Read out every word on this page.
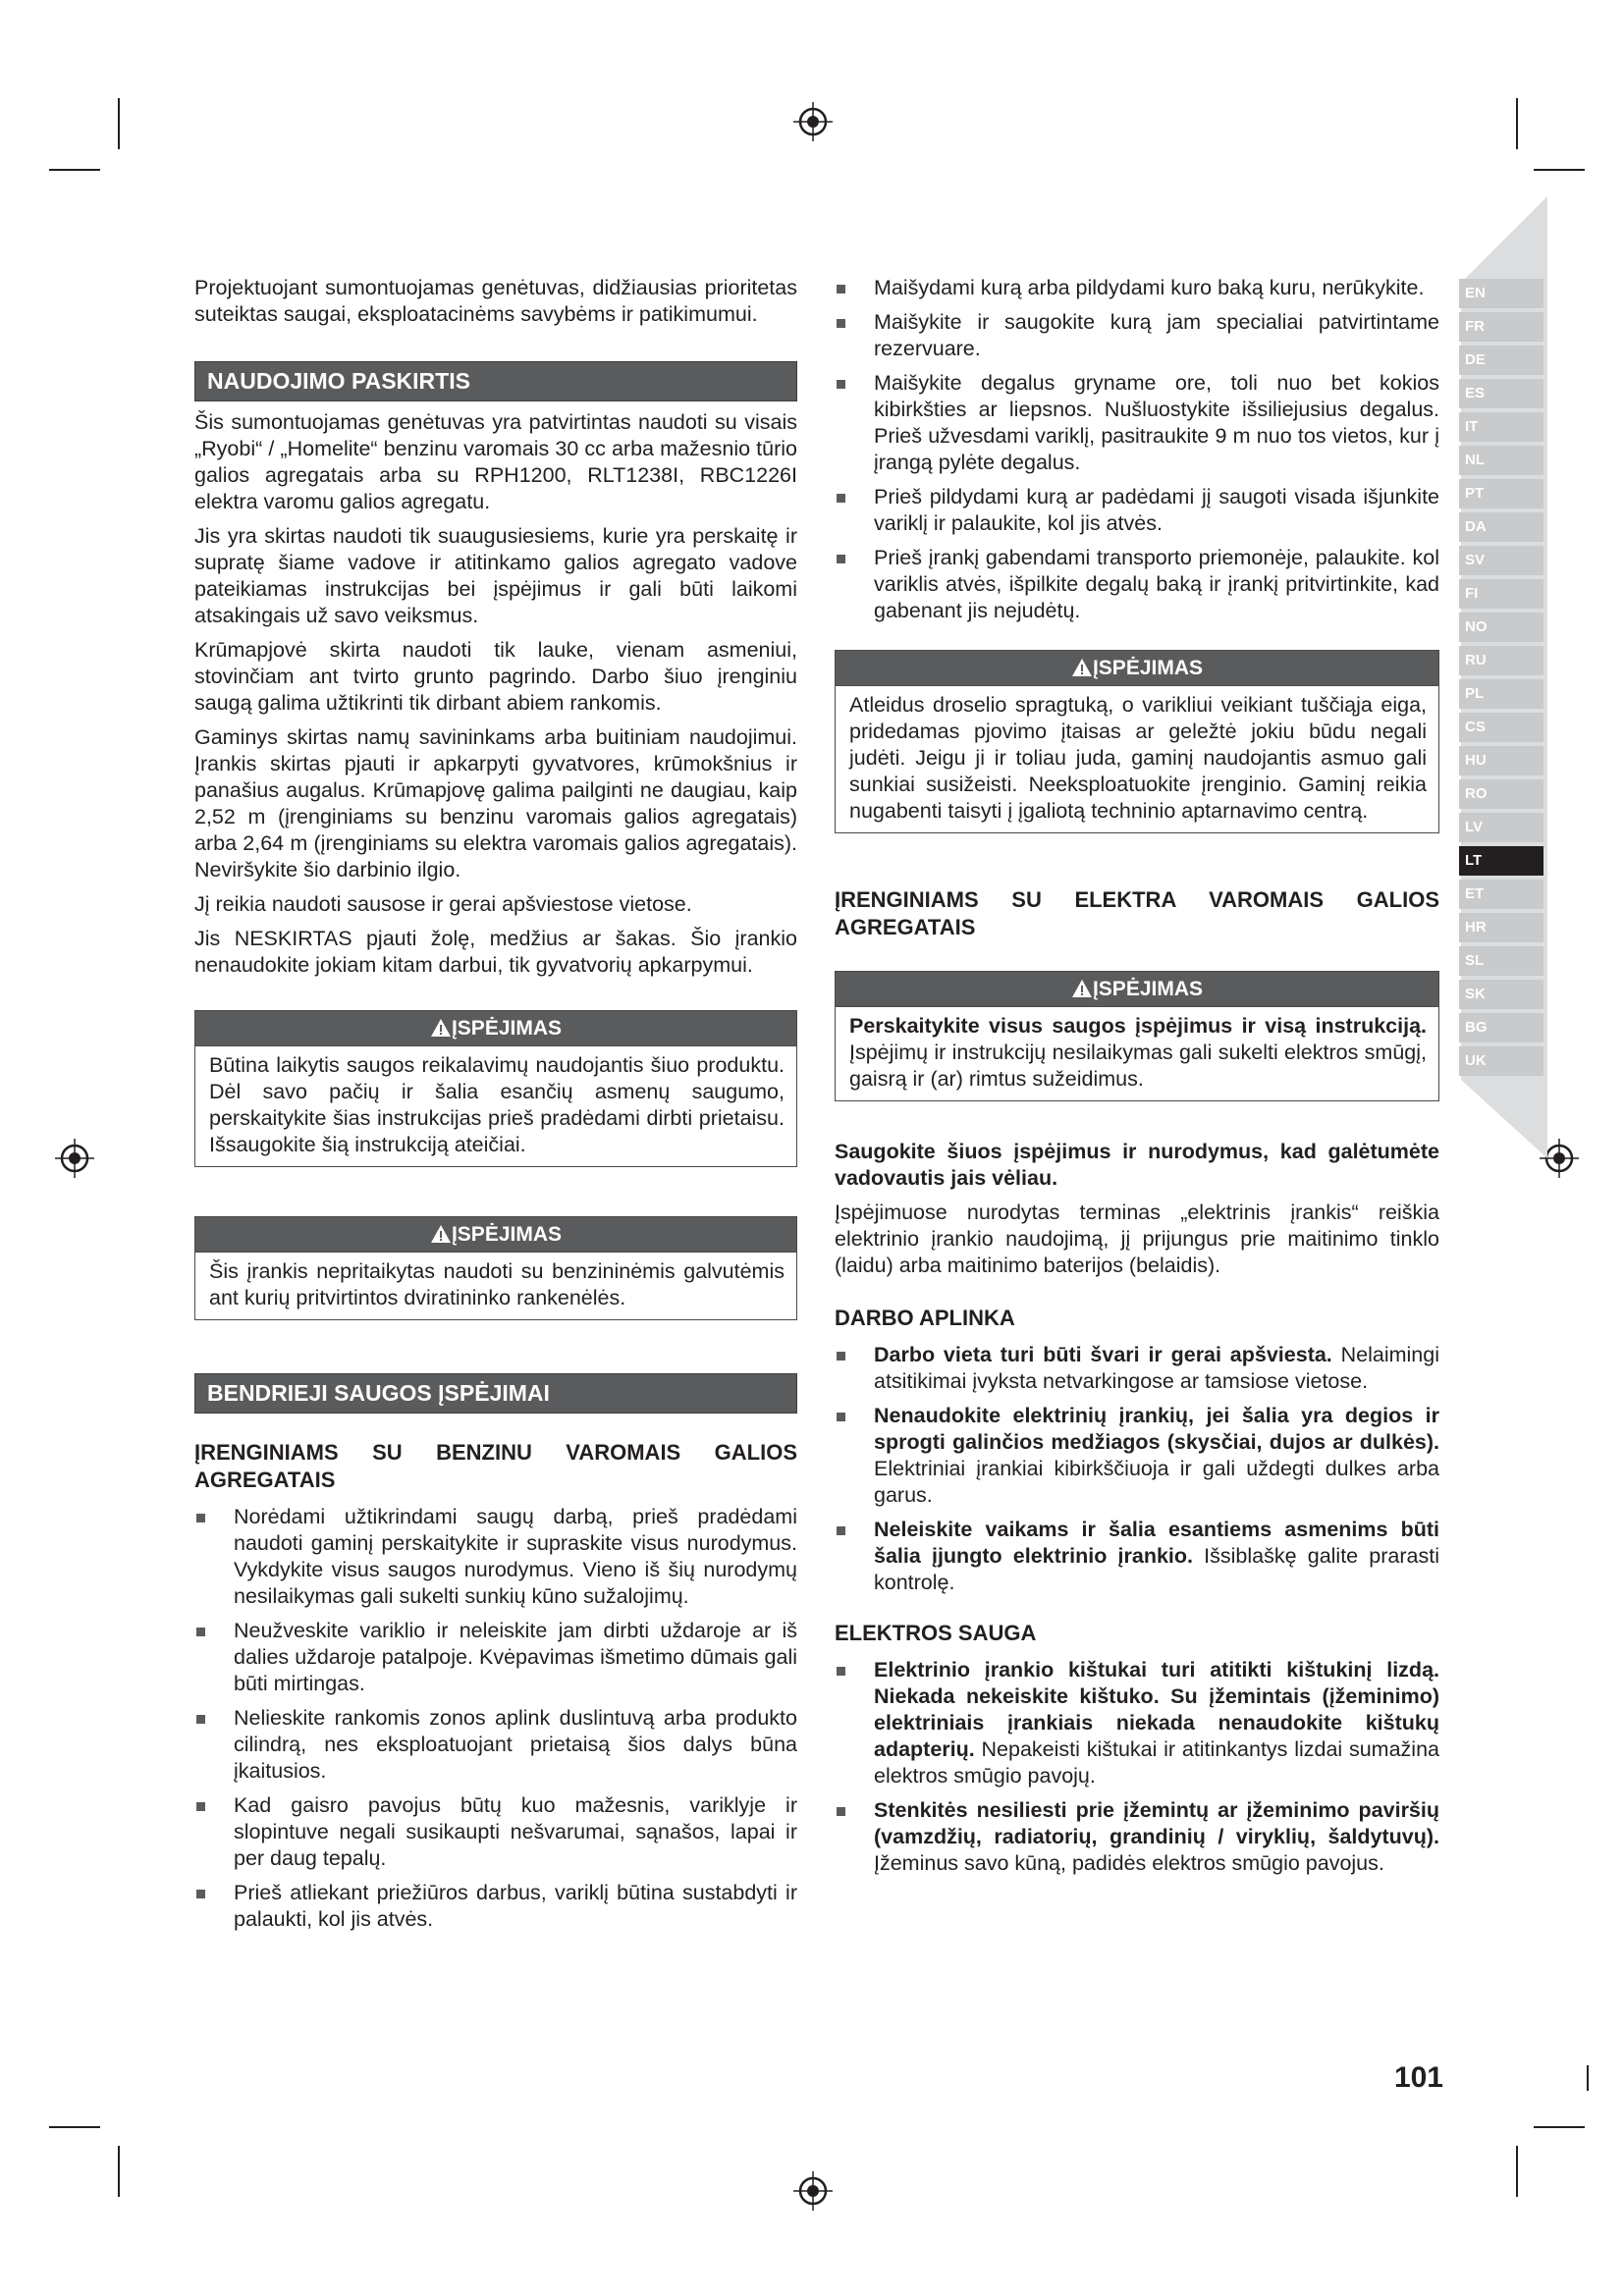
EN
FR
DE
ES
IT
NL
PT
DA
SV
FI
NO
RU
PL
CS
HU
RO
LV
LT
ET
HR
SL
SK
BG
UK

Projektuojant sumontuojamas genėtuvas, didžiausias prioritetas suteiktas saugai, eksploatacinėms savybėms ir patikimumui.

NAUDOJIMO PASKIRTIS

Šis sumontuojamas genėtuvas yra patvirtintas naudoti su visais „Ryobi“ / „Homelite“ benzinu varomais 30 cc arba mažesnio tūrio galios agregatais arba su RPH1200, RLT1238I, RBC1226I elektra varomu galios agregatu.

Jis yra skirtas naudoti tik suaugusiesiems, kurie yra perskaitę ir supratę šiame vadove ir atitinkamo galios agregato vadove pateikiamas instrukcijas bei įspėjimus ir gali būti laikomi atsakingais už savo veiksmus.

Krūmapjovė skirta naudoti tik lauke, vienam asmeniui, stovinčiam ant tvirto grunto pagrindo. Darbo šiuo įrenginiu saugą galima užtikrinti tik dirbant abiem rankomis.

Gaminys skirtas namų savininkams arba buitiniam naudojimui. Įrankis skirtas pjauti ir apkarpyti gyvatvores, krūmokšnius ir panašius augalus. Krūmapjovę galima pailginti ne daugiau, kaip 2,52 m (įrenginiams su benzinu varomais galios agregatais) arba 2,64 m (įrenginiams su elektra varomais galios agregatais). Neviršykite šio darbinio ilgio.

Jį reikia naudoti sausose ir gerai apšviestose vietose.

Jis NESKIRTAS pjauti žolę, medžius ar šakas. Šio įrankio nenaudokite jokiam kitam darbui, tik gyvatvorių apkarpymui.

ĮSPĖJIMAS
Būtina laikytis saugos reikalavimų naudojantis šiuo produktu. Dėl savo pačių ir šalia esančių asmenų saugumo, perskaitykite šias instrukcijas prieš pradėdami dirbti prietaisu. Išsaugokite šią instrukciją ateičiai.
ĮSPĖJIMAS
Šis įrankis nepritaikytas naudoti su benzininėmis galvutėmis ant kurių pritvirtintos dviratininko rankenėlės.
BENDRIEJI SAUGOS ĮSPĖJIMAI
ĮRENGINIAMS SU BENZINU VAROMAIS GALIOS AGREGATAIS
Norėdami užtikrindami saugų darbą, prieš pradėdami naudoti gaminį perskaitykite ir supraskite visus nurodymus. Vykdykite visus saugos nurodymus. Vieno iš šių nurodymų nesilaikymas gali sukelti sunkių kūno sužalojimų.
Neužveskite variklio ir neleiskite jam dirbti uždaroje ar iš dalies uždaroje patalpoje. Kvėpavimas išmetimo dūmais gali būti mirtingas.
Nelieskite rankomis zonos aplink duslintuvą arba produkto cilindrą, nes eksploatuojant prietaisą šios dalys būna įkaitusios.
Kad gaisro pavojus būtų kuo mažesnis, variklyje ir slopintuve negali susikaupti nešvarumai, sąnašos, lapai ir per daug tepalų.
Prieš atliekant priežiūros darbus, variklį būtina sustabdyti ir palaukti, kol jis atvės.
Maišydami kurą arba pildydami kuro baką kuru, nerūkykite.
Maišykite ir saugokite kurą jam specialiai patvirtintame rezervuare.
Maišykite degalus gryname ore, toli nuo bet kokios kibirkšties ar liepsnos. Nušluostykite išsiliejusius degalus. Prieš užvesdami variklį, pasitraukite 9 m nuo tos vietos, kur į įrangą pylėte degalus.
Prieš pildydami kurą ar padėdami jį saugoti visada išjunkite variklį ir palaukite, kol jis atvės.
Prieš įrankį gabendami transporto priemonėje, palaukite. kol variklis atvės, išpilkite degalų baką ir įrankį pritvirtinkite, kad gabenant jis nejudėtų.
ĮSPĖJIMAS
Atleidus droselio spragtuką, o varikliui veikiant tuščiąja eiga, pridedamas pjovimo įtaisas ar geležtė jokiu būdu negali judėti. Jeigu ji ir toliau juda, gaminį naudojantis asmuo gali sunkiai susižeisti. Neeksploatuokite įrenginio. Gaminį reikia nugabenti taisyti į įgaliotą techninio aptarnavimo centrą.
ĮRENGINIAMS SU ELEKTRA VAROMAIS GALIOS AGREGATAIS
ĮSPĖJIMAS
Perskaitykite visus saugos įspėjimus ir visą instrukciją. Įspėjimų ir instrukcijų nesilaikymas gali sukelti elektros smūgį, gaisrą ir (ar) rimtus sužeidimus.

Saugokite šiuos įspėjimus ir nurodymus, kad galėtumėte vadovautis jais vėliau.

Įspėjimuose nurodytas terminas „elektrinis įrankis“ reiškia elektrinio įrankio naudojimą, jį prijungus prie maitinimo tinklo (laidu) arba maitinimo baterijos (belaidis).

DARBO APLINKA
Darbo vieta turi būti švari ir gerai apšviesta. Nelaimingi atsitikimai įvyksta netvarkingose ar tamsiose vietose.
Nenaudokite elektrinių įrankių, jei šalia yra degios ir sprogti galinčios medžiagos (skysčiai, dujos ar dulkės). Elektriniai įrankiai kibirkščiuoja ir gali uždegti dulkes arba garus.
Neleiskite vaikams ir šalia esantiems asmenims būti šalia įjungto elektrinio įrankio. Išsiblaškę galite prarasti kontrolę.
ELEKTROS SAUGA
Elektrinio įrankio kištukai turi atitikti kištukinį lizdą. Niekada nekeiskite kištuko. Su įžemintais (įžeminimo) elektriniais įrankiais niekada nenaudokite kištukų adapterių. Nepakeisti kištukai ir atitinkantys lizdai sumažina elektros smūgio pavojų.
Stenkitės nesiliesti prie įžemintų ar įžeminimo paviršių (vamzdžių, radiatorių, grandinių / viryklių, šaldytuvų). Įžeminus savo kūną, padidės elektros smūgio pavojus.
101
